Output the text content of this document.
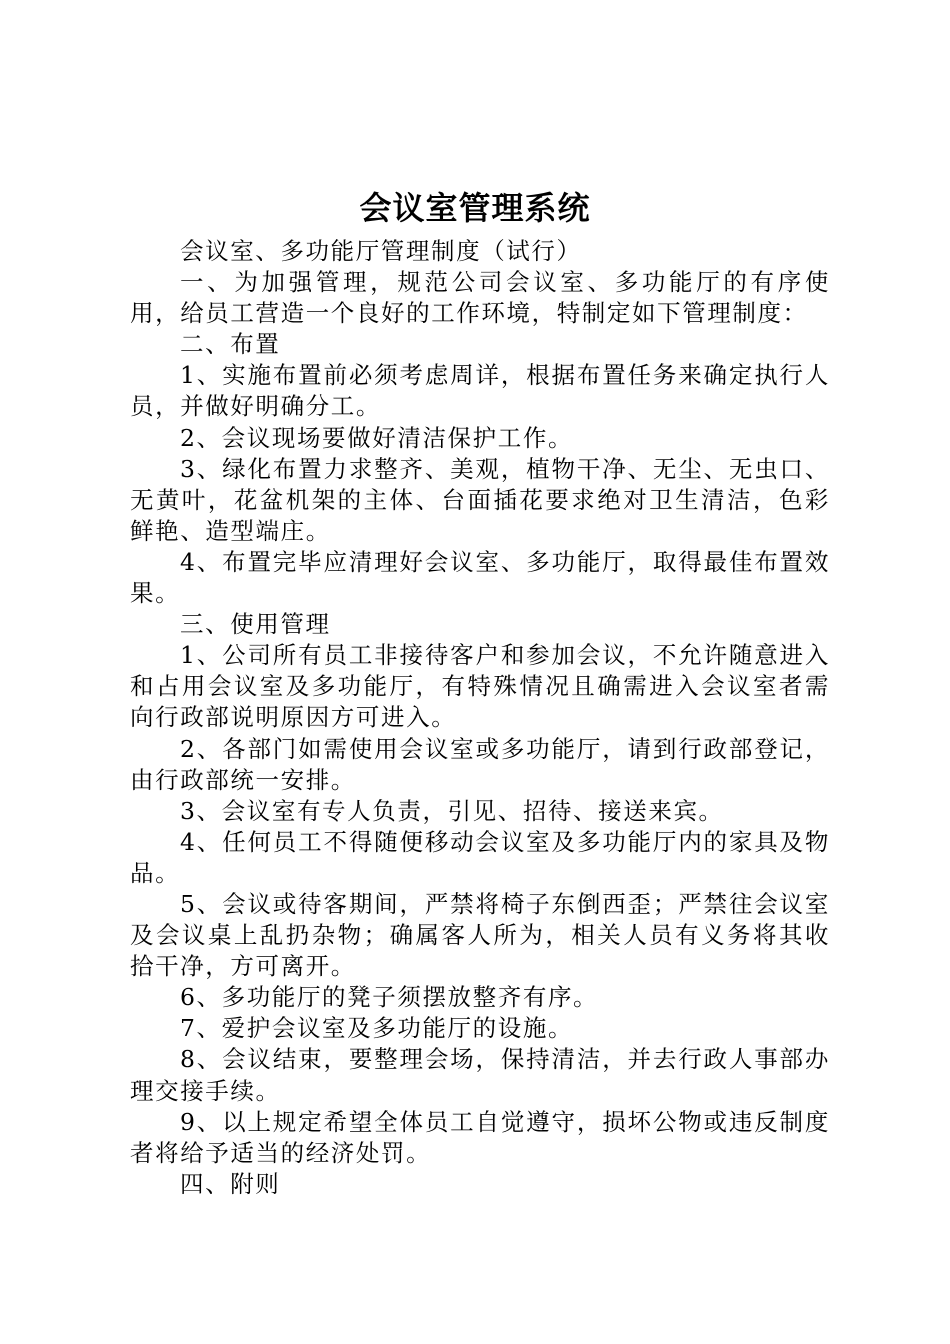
会议室管理系统

会议室、多功能厅管理制度（试行）

一、为加强管理，规范公司会议室、多功能厅的有序使用，给员工营造一个良好的工作环境，特制定如下管理制度：

二、布置

1、实施布置前必须考虑周详，根据布置任务来确定执行人员，并做好明确分工。

2、会议现场要做好清洁保护工作。

3、绿化布置力求整齐、美观，植物干净、无尘、无虫口、无黄叶，花盆机架的主体、台面插花要求绝对卫生清洁，色彩鲜艳、造型端庄。

4、布置完毕应清理好会议室、多功能厅，取得最佳布置效果。

三、使用管理

1、公司所有员工非接待客户和参加会议，不允许随意进入和占用会议室及多功能厅，有特殊情况且确需进入会议室者需向行政部说明原因方可进入。

2、各部门如需使用会议室或多功能厅，请到行政部登记，由行政部统一安排。

3、会议室有专人负责，引见、招待、接送来宾。

4、任何员工不得随便移动会议室及多功能厅内的家具及物品。

5、会议或待客期间，严禁将椅子东倒西歪；严禁往会议室及会议桌上乱扔杂物；确属客人所为，相关人员有义务将其收拾干净，方可离开。

6、多功能厅的凳子须摆放整齐有序。

7、爱护会议室及多功能厅的设施。

8、会议结束，要整理会场，保持清洁，并去行政人事部办理交接手续。

9、以上规定希望全体员工自觉遵守，损坏公物或违反制度者将给予适当的经济处罚。

四、附则
